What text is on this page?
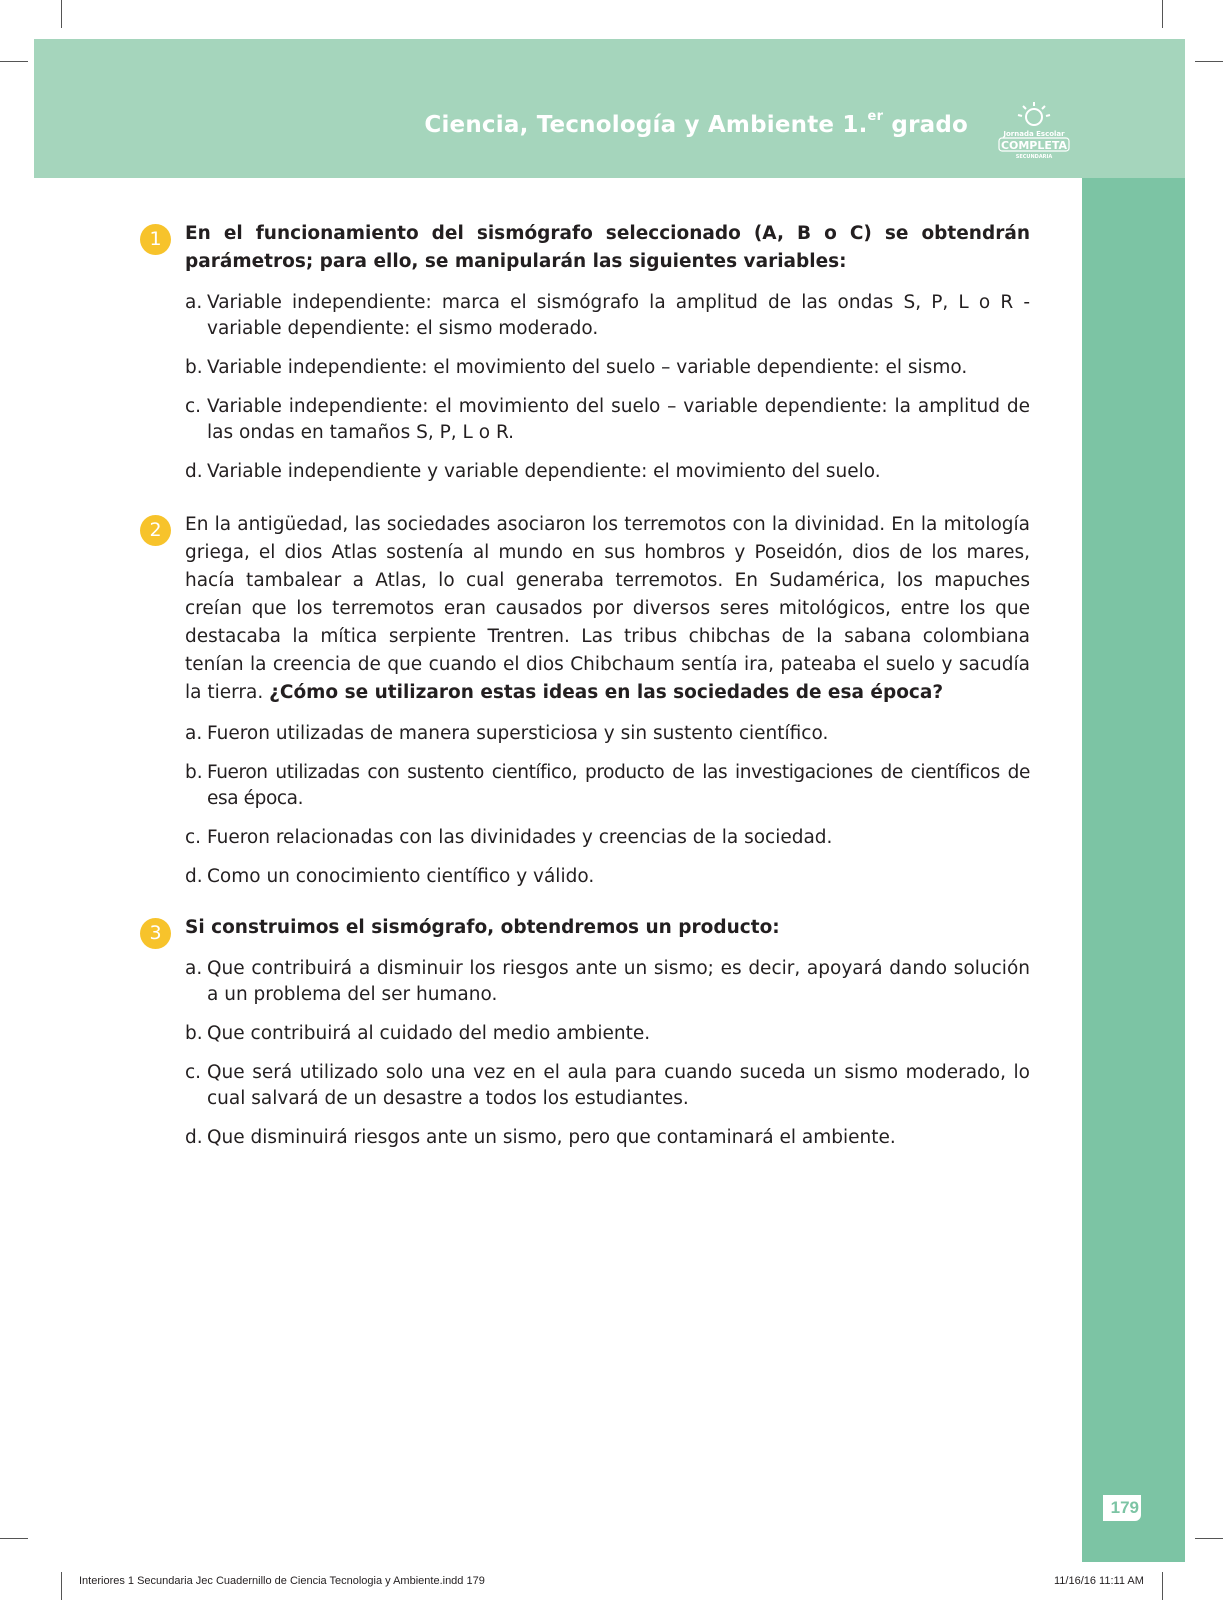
Ciencia, Tecnología y Ambiente 1.$^{er}$ grado	Jornada Escolar
COMPLETA
SECUNDARIA
179
1	En el funcionamiento del sismógrafo seleccionado (A, B o C) se obtendrán parámetros; para ello, se manipularán las siguientes variables:

a. Variable independiente: marca el sismógrafo la amplitud de las ondas S, P, L o R - variable dependiente: el sismo moderado.
b. Variable independiente: el movimiento del suelo – variable dependiente: el sismo.
c. Variable independiente: el movimiento del suelo – variable dependiente: la amplitud de las ondas en tamaños S, P, L o R.
d. Variable independiente y variable dependiente: el movimiento del suelo.
2	En la antigüedad, las sociedades asociaron los terremotos con la divinidad. En la mitología griega, el dios Atlas sostenía al mundo en sus hombros y Poseidón, dios de los mares, hacía tambalear a Atlas, lo cual generaba terremotos. En Sudamérica, los mapuches creían que los terremotos eran causados por diversos seres mitológicos, entre los que destacaba la mítica serpiente Trentren. Las tribus chibchas de la sabana colombiana tenían la creencia de que cuando el dios Chibchaum sentía ira, pateaba el suelo y sacudía la tierra. ¿Cómo se utilizaron estas ideas en las sociedades de esa época?

a. Fueron utilizadas de manera supersticiosa y sin sustento científico.
b. Fueron utilizadas con sustento científico, producto de las investigaciones de científicos de esa época.
c. Fueron relacionadas con las divinidades y creencias de la sociedad.
d. Como un conocimiento científico y válido.
3	Si construimos el sismógrafo, obtendremos un producto:

a. Que contribuirá a disminuir los riesgos ante un sismo; es decir, apoyará dando solución a un problema del ser humano.
b. Que contribuirá al cuidado del medio ambiente.
c. Que será utilizado solo una vez en el aula para cuando suceda un sismo moderado, lo cual salvará de un desastre a todos los estudiantes.
d. Que disminuirá riesgos ante un sismo, pero que contaminará el ambiente.
Interiores 1 Secundaria Jec Cuadernillo de Ciencia Tecnologia y Ambiente.indd 179	11/16/16 11:11 AM
